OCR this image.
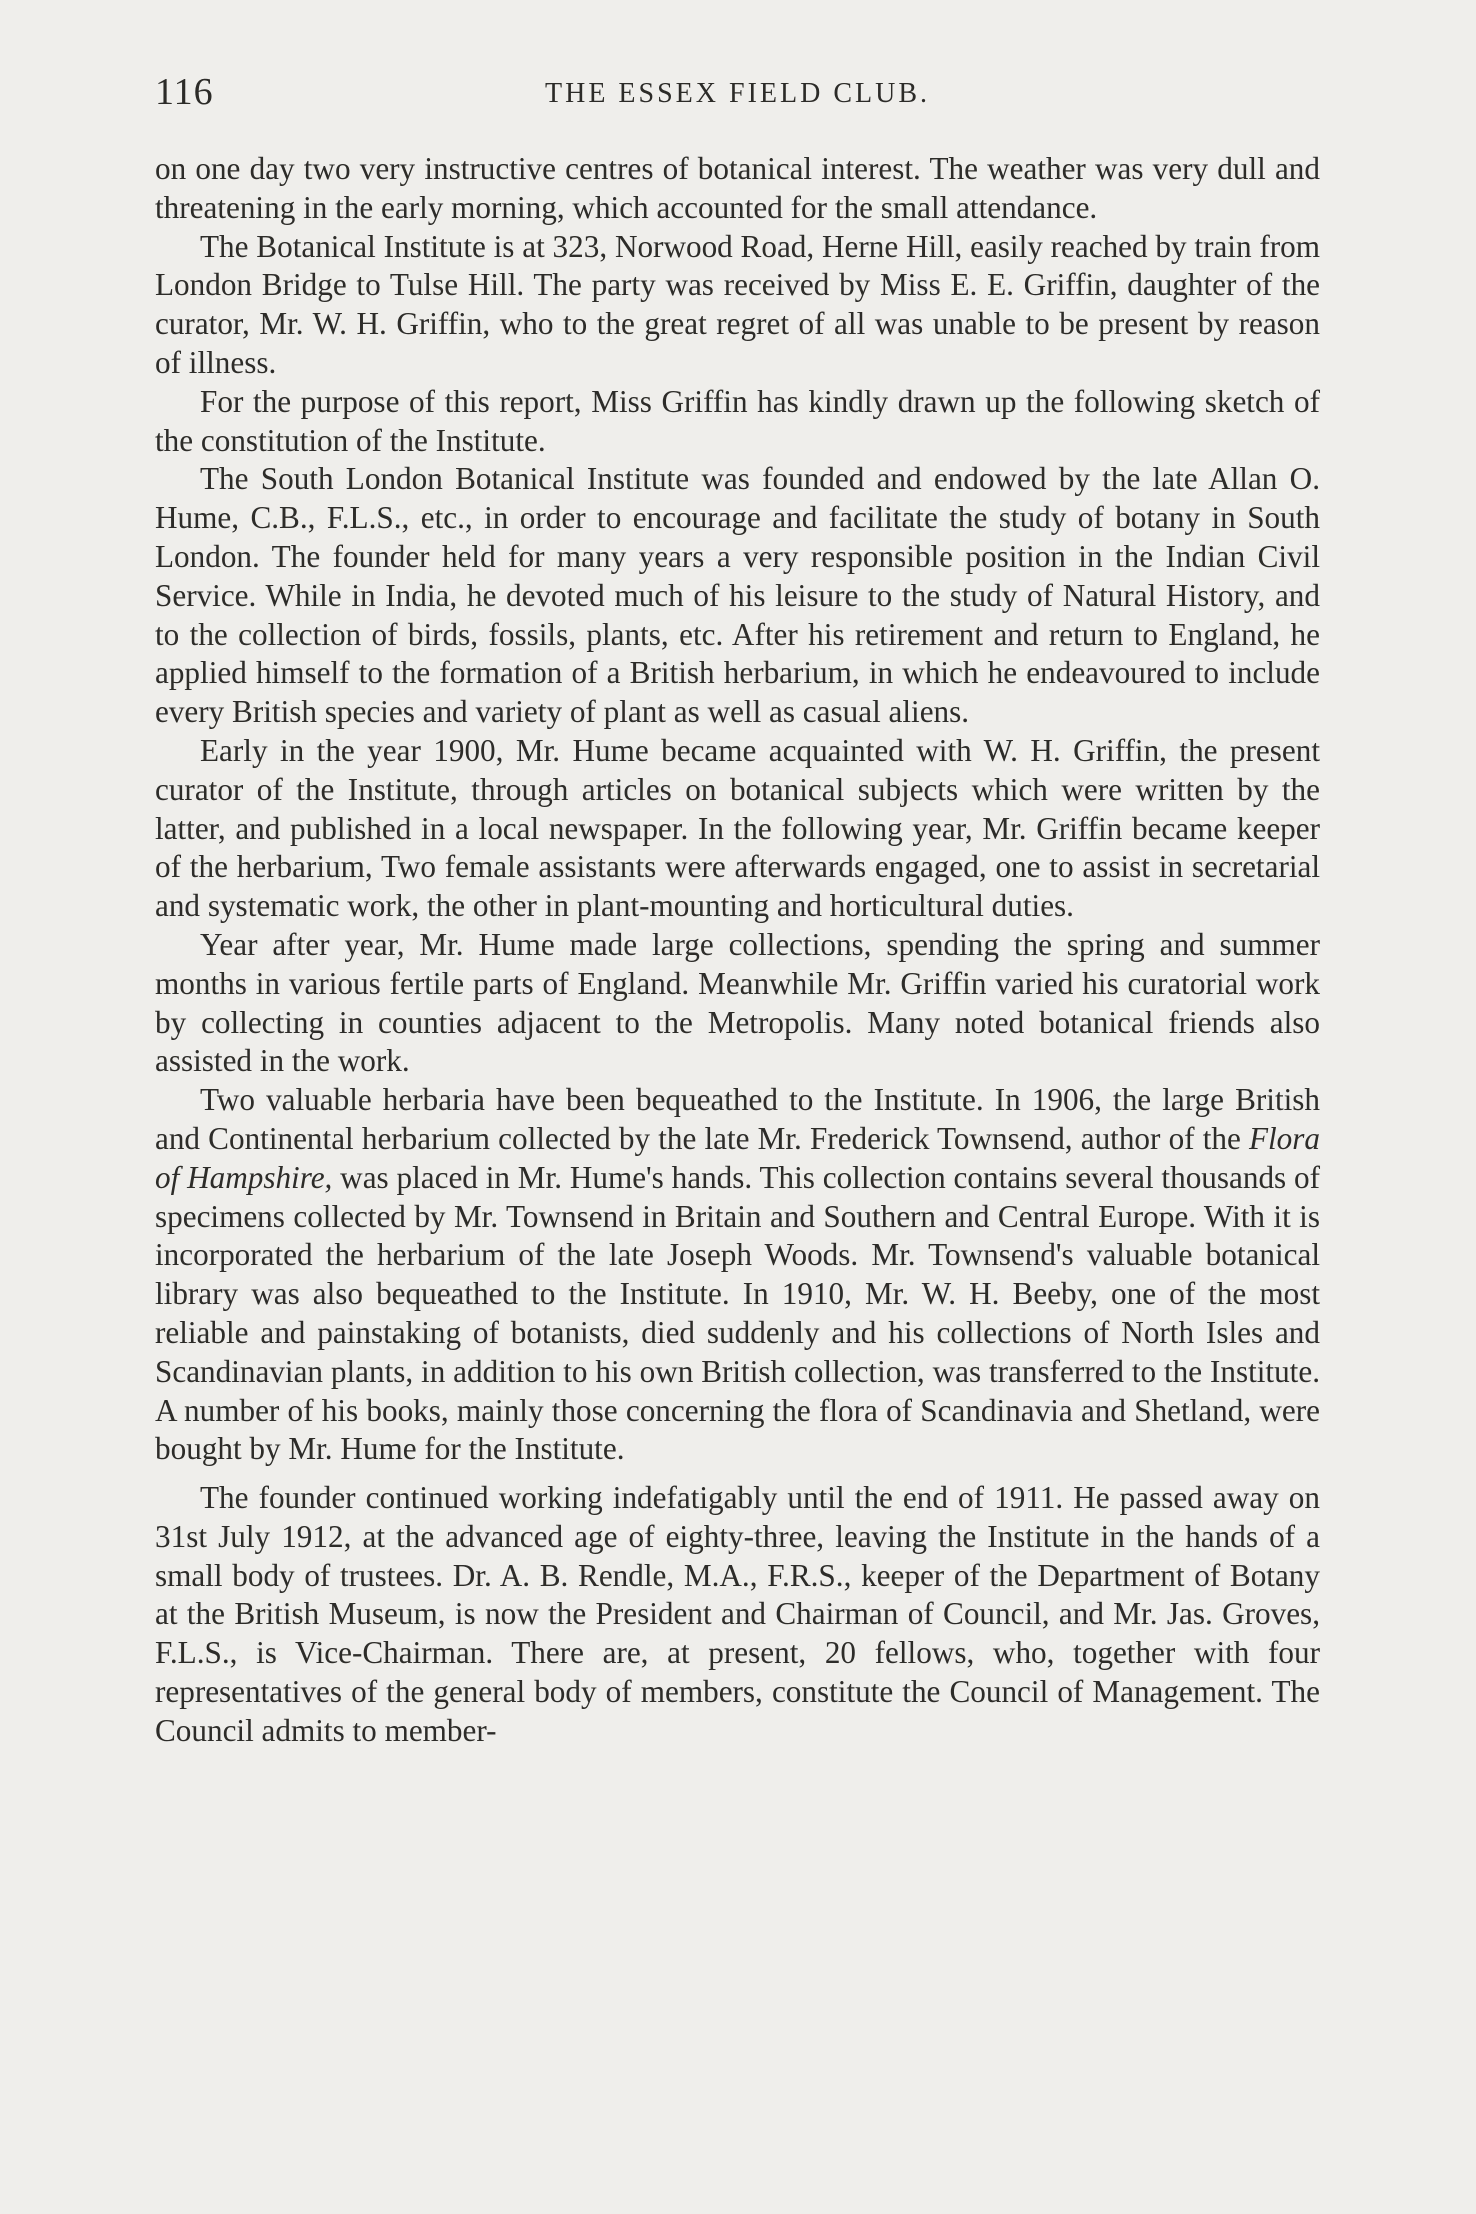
116	THE ESSEX FIELD CLUB.

on one day two very instructive centres of botanical interest. The weather was very dull and threatening in the early morning, which accounted for the small attendance.

The Botanical Institute is at 323, Norwood Road, Herne Hill, easily reached by train from London Bridge to Tulse Hill. The party was received by Miss E. E. Griffin, daughter of the curator, Mr. W. H. Griffin, who to the great regret of all was unable to be present by reason of illness.

For the purpose of this report, Miss Griffin has kindly drawn up the following sketch of the constitution of the Institute.

The South London Botanical Institute was founded and endowed by the late Allan O. Hume, C.B., F.L.S., etc., in order to encourage and facilitate the study of botany in South London. The founder held for many years a very responsible position in the Indian Civil Service. While in India, he devoted much of his leisure to the study of Natural History, and to the collection of birds, fossils, plants, etc. After his retirement and return to England, he applied himself to the formation of a British herbarium, in which he endeavoured to include every British species and variety of plant as well as casual aliens.

Early in the year 1900, Mr. Hume became acquainted with W. H. Griffin, the present curator of the Institute, through articles on botanical subjects which were written by the latter, and published in a local newspaper. In the following year, Mr. Griffin became keeper of the herbarium, Two female assistants were afterwards engaged, one to assist in secretarial and systematic work, the other in plant-mounting and horticultural duties.

Year after year, Mr. Hume made large collections, spending the spring and summer months in various fertile parts of England. Meanwhile Mr. Griffin varied his curatorial work by collecting in counties adjacent to the Metropolis. Many noted botanical friends also assisted in the work.

Two valuable herbaria have been bequeathed to the Institute. In 1906, the large British and Continental herbarium collected by the late Mr. Frederick Townsend, author of the Flora of Hampshire, was placed in Mr. Hume's hands. This collection contains several thousands of specimens collected by Mr. Townsend in Britain and Southern and Central Europe. With it is incorporated the herbarium of the late Joseph Woods. Mr. Townsend's valuable botanical library was also bequeathed to the Institute. In 1910, Mr. W. H. Beeby, one of the most reliable and painstaking of botanists, died suddenly and his collections of North Isles and Scandinavian plants, in addition to his own British collection, was transferred to the Institute. A number of his books, mainly those concerning the flora of Scandinavia and Shetland, were bought by Mr. Hume for the Institute.

The founder continued working indefatigably until the end of 1911. He passed away on 31st July 1912, at the advanced age of eighty-three, leaving the Institute in the hands of a small body of trustees. Dr. A. B. Rendle, M.A., F.R.S., keeper of the Department of Botany at the British Museum, is now the President and Chairman of Council, and Mr. Jas. Groves, F.L.S., is Vice-Chairman. There are, at present, 20 fellows, who, together with four representatives of the general body of members, constitute the Council of Management. The Council admits to member-
